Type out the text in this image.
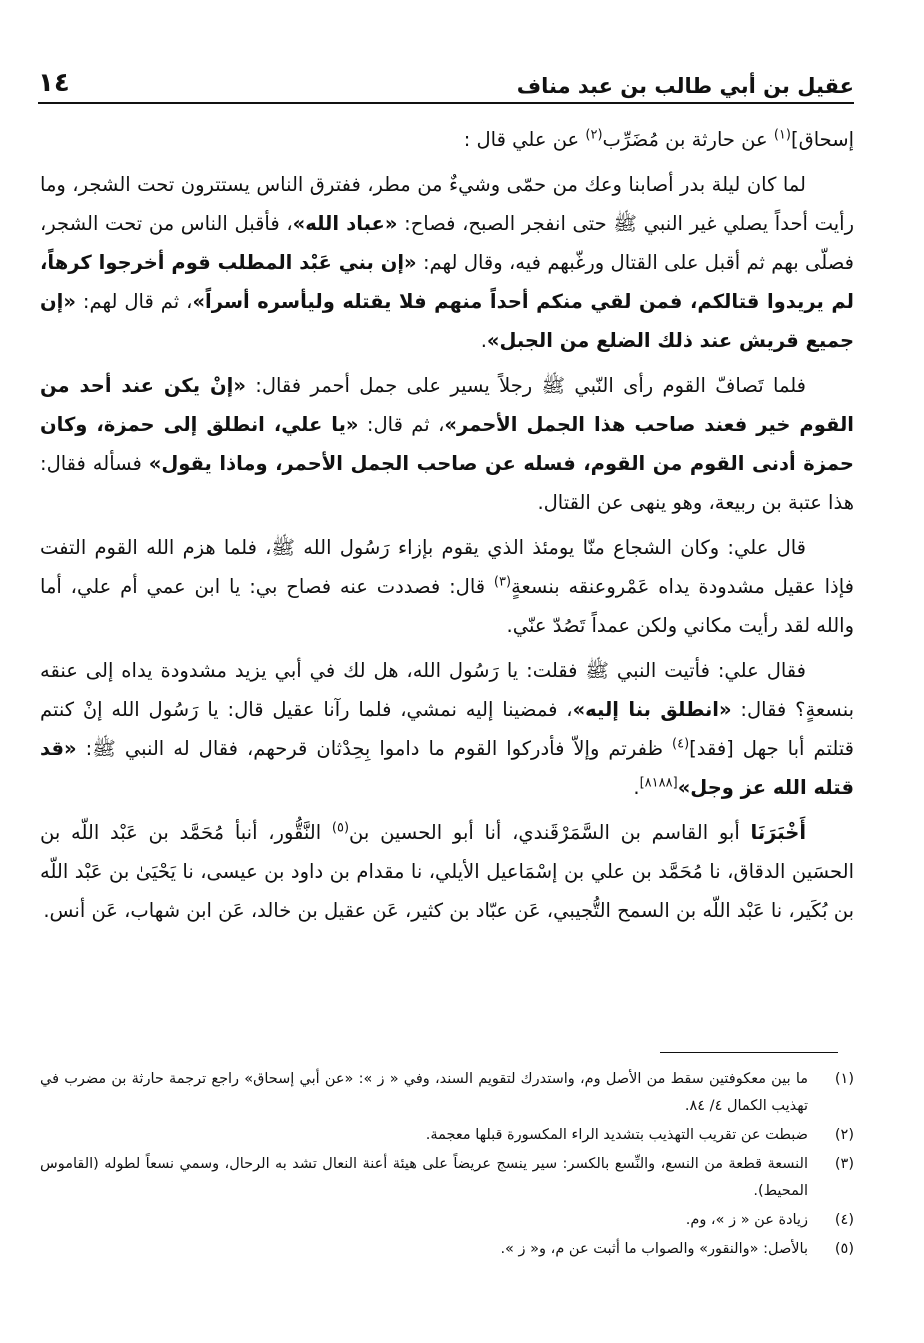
عقيل بن أبي طالب بن عبد مناف
١٤

إسحاق]$^{(١)}$ عن حارثة بن مُضَرِّب$^{(٢)}$ عن علي قال :

لما كان ليلة بدر أصابنا وعك من حمّى وشيءٌ من مطر، ففترق الناس يستترون تحت الشجر، وما رأيت أحداً يصلي غير النبي ﷺ حتى انفجر الصبح، فصاح: «عباد الله»، فأقبل الناس من تحت الشجر، فصلّى بهم ثم أقبل على القتال ورغّبهم فيه، وقال لهم: «إن بني عَبْد المطلب قوم أخرجوا كرهاً، لم يريدوا قتالكم، فمن لقي منكم أحداً منهم فلا يقتله وليأسره أسراً»، ثم قال لهم: «إن جميع قريش عند ذلك الضلع من الجبل».

فلما تَصافّ القوم رأى النّبي ﷺ رجلاً يسير على جمل أحمر فقال: «إنْ يكن عند أحد من القوم خير فعند صاحب هذا الجمل الأحمر»، ثم قال: «يا علي، انطلق إلى حمزة، وكان حمزة أدنى القوم من القوم، فسله عن صاحب الجمل الأحمر، وماذا يقول» فسأله فقال: هذا عتبة بن ربيعة، وهو ينهى عن القتال.

قال علي: وكان الشجاع منّا يومئذ الذي يقوم بإزاء رَسُول الله ﷺ، فلما هزم الله القوم التفت فإذا عقيل مشدودة يداه عَمْروعنقه بنسعةٍ$^{(٣)}$ قال: فصددت عنه فصاح بي: يا ابن عمي أم علي، أما والله لقد رأيت مكاني ولكن عمداً تَصُدّ عنّي.

فقال علي: فأتيت النبي ﷺ فقلت: يا رَسُول الله، هل لك في أبي يزيد مشدودة يداه إلى عنقه بنسعةٍ؟ فقال: «انطلق بنا إليه»، فمضينا إليه نمشي، فلما رآنا عقيل قال: يا رَسُول الله إنْ كنتم قتلتم أبا جهل [فقد]$^{(٤)}$ ظفرتم وإلاّ فأدركوا القوم ما داموا بِحِدْثان قرحهم، فقال له النبي ﷺ: «قد قتله الله عز وجل»[٨١٨٨].

أَخْبَرَنَا أبو القاسم بن السَّمَرْقَندي، أنا أبو الحسين بن$^{(٥)}$ النَّقُّور، أنبأ مُحَمَّد بن عَبْد اللّه بن الحسَين الدقاق، نا مُحَمَّد بن علي بن إسْمَاعيل الأيلي، نا مقدام بن داود بن عيسى، نا يَحْيَىٰ بن عَبْد اللّه بن بُكَير، نا عَبْد اللّه بن السمح التُّجيبي، عَن عبّاد بن كثير، عَن عقيل بن خالد، عَن ابن شهاب، عَن أنس.

(١)
ما بين معكوفتين سقط من الأصل وم، واستدرك لتقويم السند، وفي « ز »: «عن أبي إسحاق» راجع ترجمة حارثة بن مضرب في تهذيب الكمال ٤/ ٨٤.
(٢)
ضبطت عن تقريب التهذيب بتشديد الراء المكسورة قبلها معجمة.
(٣)
النسعة قطعة من النسع، والنِّسع بالكسر: سير ينسج عريضاً على هيئة أعنة النعال تشد به الرحال، وسمي نسعاً لطوله (القاموس المحيط).
(٤)
زيادة عن « ز »، وم.
(٥)
بالأصل: «والنقور» والصواب ما أثبت عن م، و« ز ».
